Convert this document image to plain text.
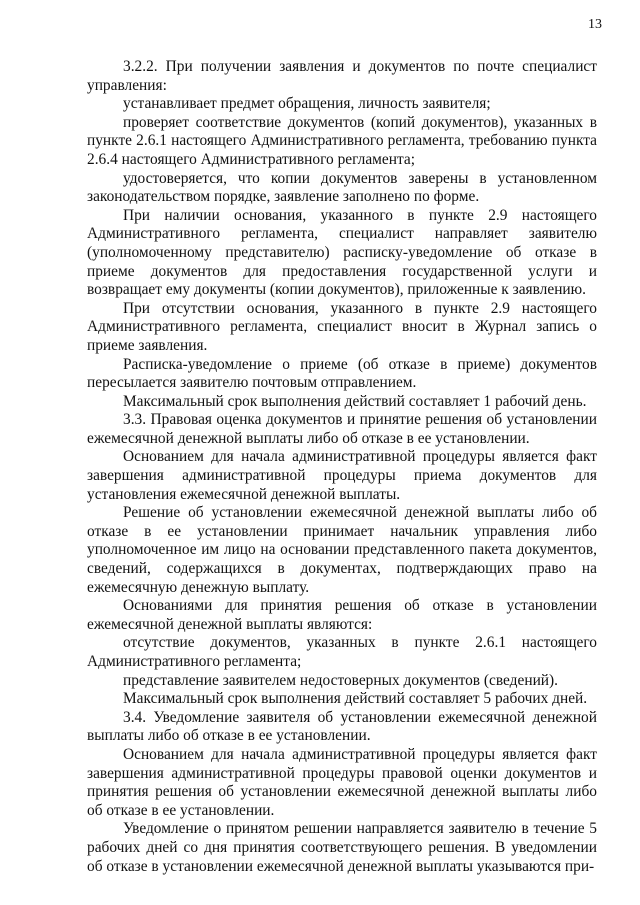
13

3.2.2. При получении заявления и документов по почте специалист управления:

устанавливает предмет обращения, личность заявителя;

проверяет соответствие документов (копий документов), указанных в пункте 2.6.1 настоящего Административного регламента, требованию пункта 2.6.4 настоящего Административного регламента;

удостоверяется, что копии документов заверены в установленном законодательством порядке, заявление заполнено по форме.

При наличии основания, указанного в пункте 2.9 настоящего Административного регламента, специалист направляет заявителю (уполномоченному представителю) расписку-уведомление об отказе в приеме документов для предоставления государственной услуги и возвращает ему документы (копии документов), приложенные к заявлению.

При отсутствии основания, указанного в пункте 2.9 настоящего Административного регламента, специалист вносит в Журнал запись о приеме заявления.

Расписка-уведомление о приеме (об отказе в приеме) документов пересылается заявителю почтовым отправлением.

Максимальный срок выполнения действий составляет 1 рабочий день.

3.3. Правовая оценка документов и принятие решения об установлении ежемесячной денежной выплаты либо об отказе в ее установлении.

Основанием для начала административной процедуры является факт завершения административной процедуры приема документов для установления ежемесячной денежной выплаты.

Решение об установлении ежемесячной денежной выплаты либо об отказе в ее установлении принимает начальник управления либо уполномоченное им лицо на основании представленного пакета документов, сведений, содержащихся в документах, подтверждающих право на ежемесячную денежную выплату.

Основаниями для принятия решения об отказе в установлении ежемесячной денежной выплаты являются:

отсутствие документов, указанных в пункте 2.6.1 настоящего Административного регламента;

представление заявителем недостоверных документов (сведений).

Максимальный срок выполнения действий составляет 5 рабочих дней.

3.4. Уведомление заявителя об установлении ежемесячной денежной выплаты либо об отказе в ее установлении.

Основанием для начала административной процедуры является факт завершения административной процедуры правовой оценки документов и принятия решения об установлении ежемесячной денежной выплаты либо об отказе в ее установлении.

Уведомление о принятом решении направляется заявителю в течение 5 рабочих дней со дня принятия соответствующего решения. В уведомлении об отказе в установлении ежемесячной денежной выплаты указываются при-
